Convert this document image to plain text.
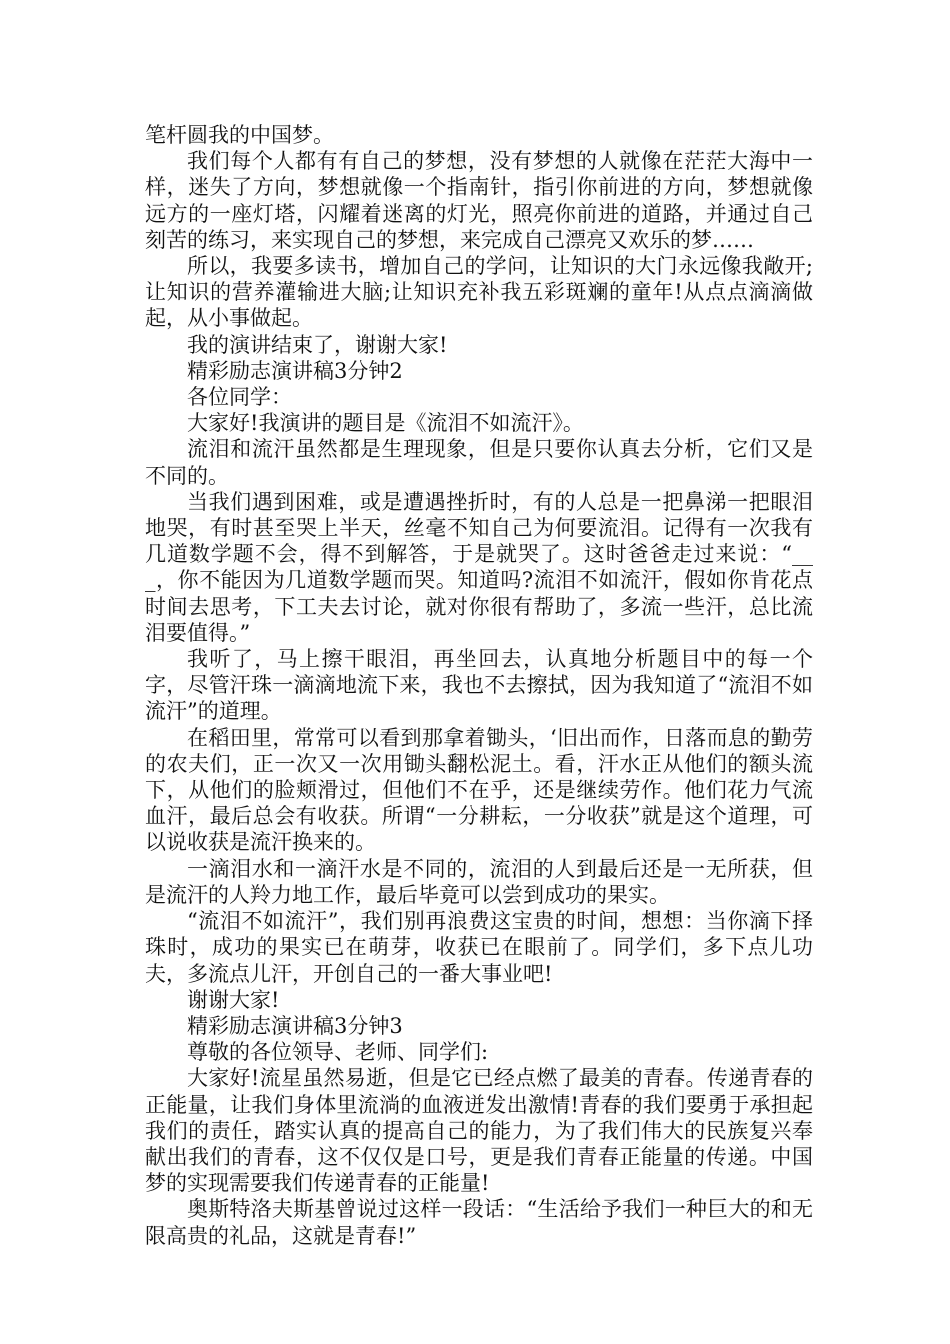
笔杆圆我的中国梦。

我们每个人都有有自己的梦想，没有梦想的人就像在茫茫大海中一样，迷失了方向，梦想就像一个指南针，指引你前进的方向，梦想就像远方的一座灯塔，闪耀着迷离的灯光，照亮你前进的道路，并通过自己刻苦的练习，来实现自己的梦想，来完成自己漂亮又欢乐的梦……

所以，我要多读书，增加自己的学问，让知识的大门永远像我敞开;让知识的营养灌输进大脑;让知识充补我五彩斑斓的童年!从点点滴滴做起，从小事做起。

我的演讲结束了，谢谢大家!

精彩励志演讲稿3分钟2

各位同学：

大家好!我演讲的题目是《流泪不如流汗》。

流泪和流汗虽然都是生理现象，但是只要你认真去分析，它们又是不同的。

当我们遇到困难，或是遭遇挫折时，有的人总是一把鼻涕一把眼泪地哭，有时甚至哭上半天，丝毫不知自己为何要流泪。记得有一次我有几道数学题不会，得不到解答，于是就哭了。这时爸爸走过来说：“___，你不能因为几道数学题而哭。知道吗?流泪不如流汗，假如你肯花点时间去思考，下工夫去讨论，就对你很有帮助了，多流一些汗，总比流泪要值得。”

我听了，马上擦干眼泪，再坐回去，认真地分析题目中的每一个字，尽管汗珠一滴滴地流下来，我也不去擦拭，因为我知道了“流泪不如流汗”的道理。

在稻田里，常常可以看到那拿着锄头，‘旧出而作，日落而息的勤劳的农夫们，正一次又一次用锄头翻松泥土。看，汗水正从他们的额头流下，从他们的脸颊滑过，但他们不在乎，还是继续劳作。他们花力气流血汗，最后总会有收获。所谓“一分耕耘，一分收获”就是这个道理，可以说收获是流汗换来的。

一滴泪水和一滴汗水是不同的，流泪的人到最后还是一无所获，但是流汗的人羚力地工作，最后毕竟可以尝到成功的果实。

“流泪不如流汗”，我们别再浪费这宝贵的时间，想想：当你滴下择珠时，成功的果实已在萌芽，收获已在眼前了。同学们，多下点儿功夫，多流点儿汗，开创自己的一番大事业吧!

谢谢大家!

精彩励志演讲稿3分钟3

尊敬的各位领导、老师、同学们:

大家好!流星虽然易逝，但是它已经点燃了最美的青春。传递青春的正能量，让我们身体里流淌的血液迸发出激情!青春的我们要勇于承担起我们的责任，踏实认真的提高自己的能力，为了我们伟大的民族复兴奉献出我们的青春，这不仅仅是口号，更是我们青春正能量的传递。中国梦的实现需要我们传递青春的正能量!

奥斯特洛夫斯基曾说过这样一段话：“生活给予我们一种巨大的和无限高贵的礼品，这就是青春!”
